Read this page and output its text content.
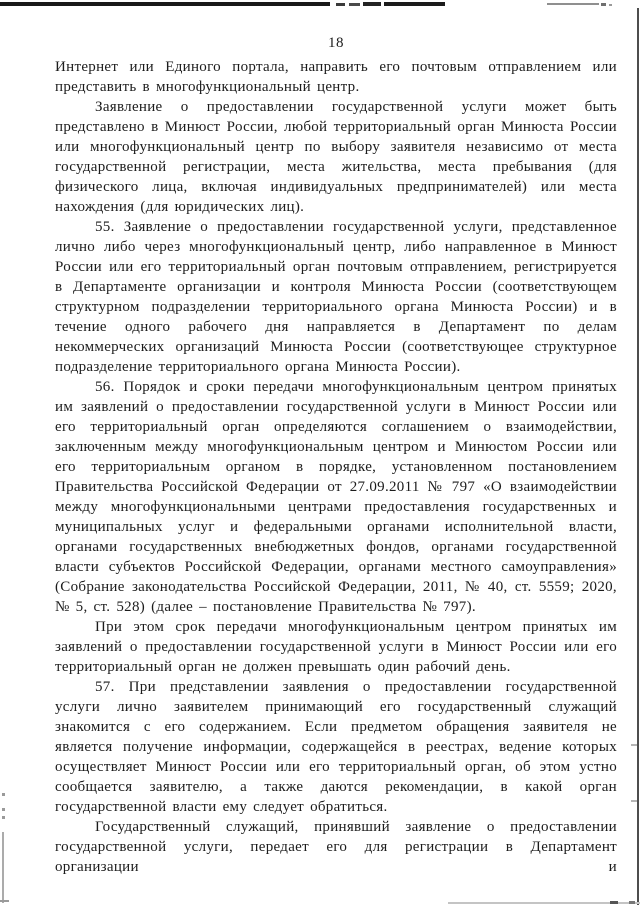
18

Интернет или Единого портала, направить его почтовым отправлением или представить в многофункциональный центр.

Заявление о предоставлении государственной услуги может быть представлено в Минюст России, любой территориальный орган Минюста России или многофункциональный центр по выбору заявителя независимо от места государственной регистрации, места жительства, места пребывания (для физического лица, включая индивидуальных предпринимателей) или места нахождения (для юридических лиц).

55. Заявление о предоставлении государственной услуги, представленное лично либо через многофункциональный центр, либо направленное в Минюст России или его территориальный орган почтовым отправлением, регистрируется в Департаменте организации и контроля Минюста России (соответствующем структурном подразделении территориального органа Минюста России) и в течение одного рабочего дня направляется в Департамент по делам некоммерческих организаций Минюста России (соответствующее структурное подразделение территориального органа Минюста России).

56. Порядок и сроки передачи многофункциональным центром принятых им заявлений о предоставлении государственной услуги в Минюст России или его территориальный орган определяются соглашением о взаимодействии, заключенным между многофункциональным центром и Минюстом России или его территориальным органом в порядке, установленном постановлением Правительства Российской Федерации от 27.09.2011 № 797 «О взаимодействии между многофункциональными центрами предоставления государственных и муниципальных услуг и федеральными органами исполнительной власти, органами государственных внебюджетных фондов, органами государственной власти субъектов Российской Федерации, органами местного самоуправления» (Собрание законодательства Российской Федерации, 2011, № 40, ст. 5559; 2020, № 5, ст. 528) (далее – постановление Правительства № 797).

При этом срок передачи многофункциональным центром принятых им заявлений о предоставлении государственной услуги в Минюст России или его территориальный орган не должен превышать один рабочий день.

57. При представлении заявления о предоставлении государственной услуги лично заявителем принимающий его государственный служащий знакомится с его содержанием. Если предметом обращения заявителя не является получение информации, содержащейся в реестрах, ведение которых осуществляет Минюст России или его территориальный орган, об этом устно сообщается заявителю, а также даются рекомендации, в какой орган государственной власти ему следует обратиться.

Государственный служащий, принявший заявление о предоставлении государственной услуги, передает его для регистрации в Департамент организации и
